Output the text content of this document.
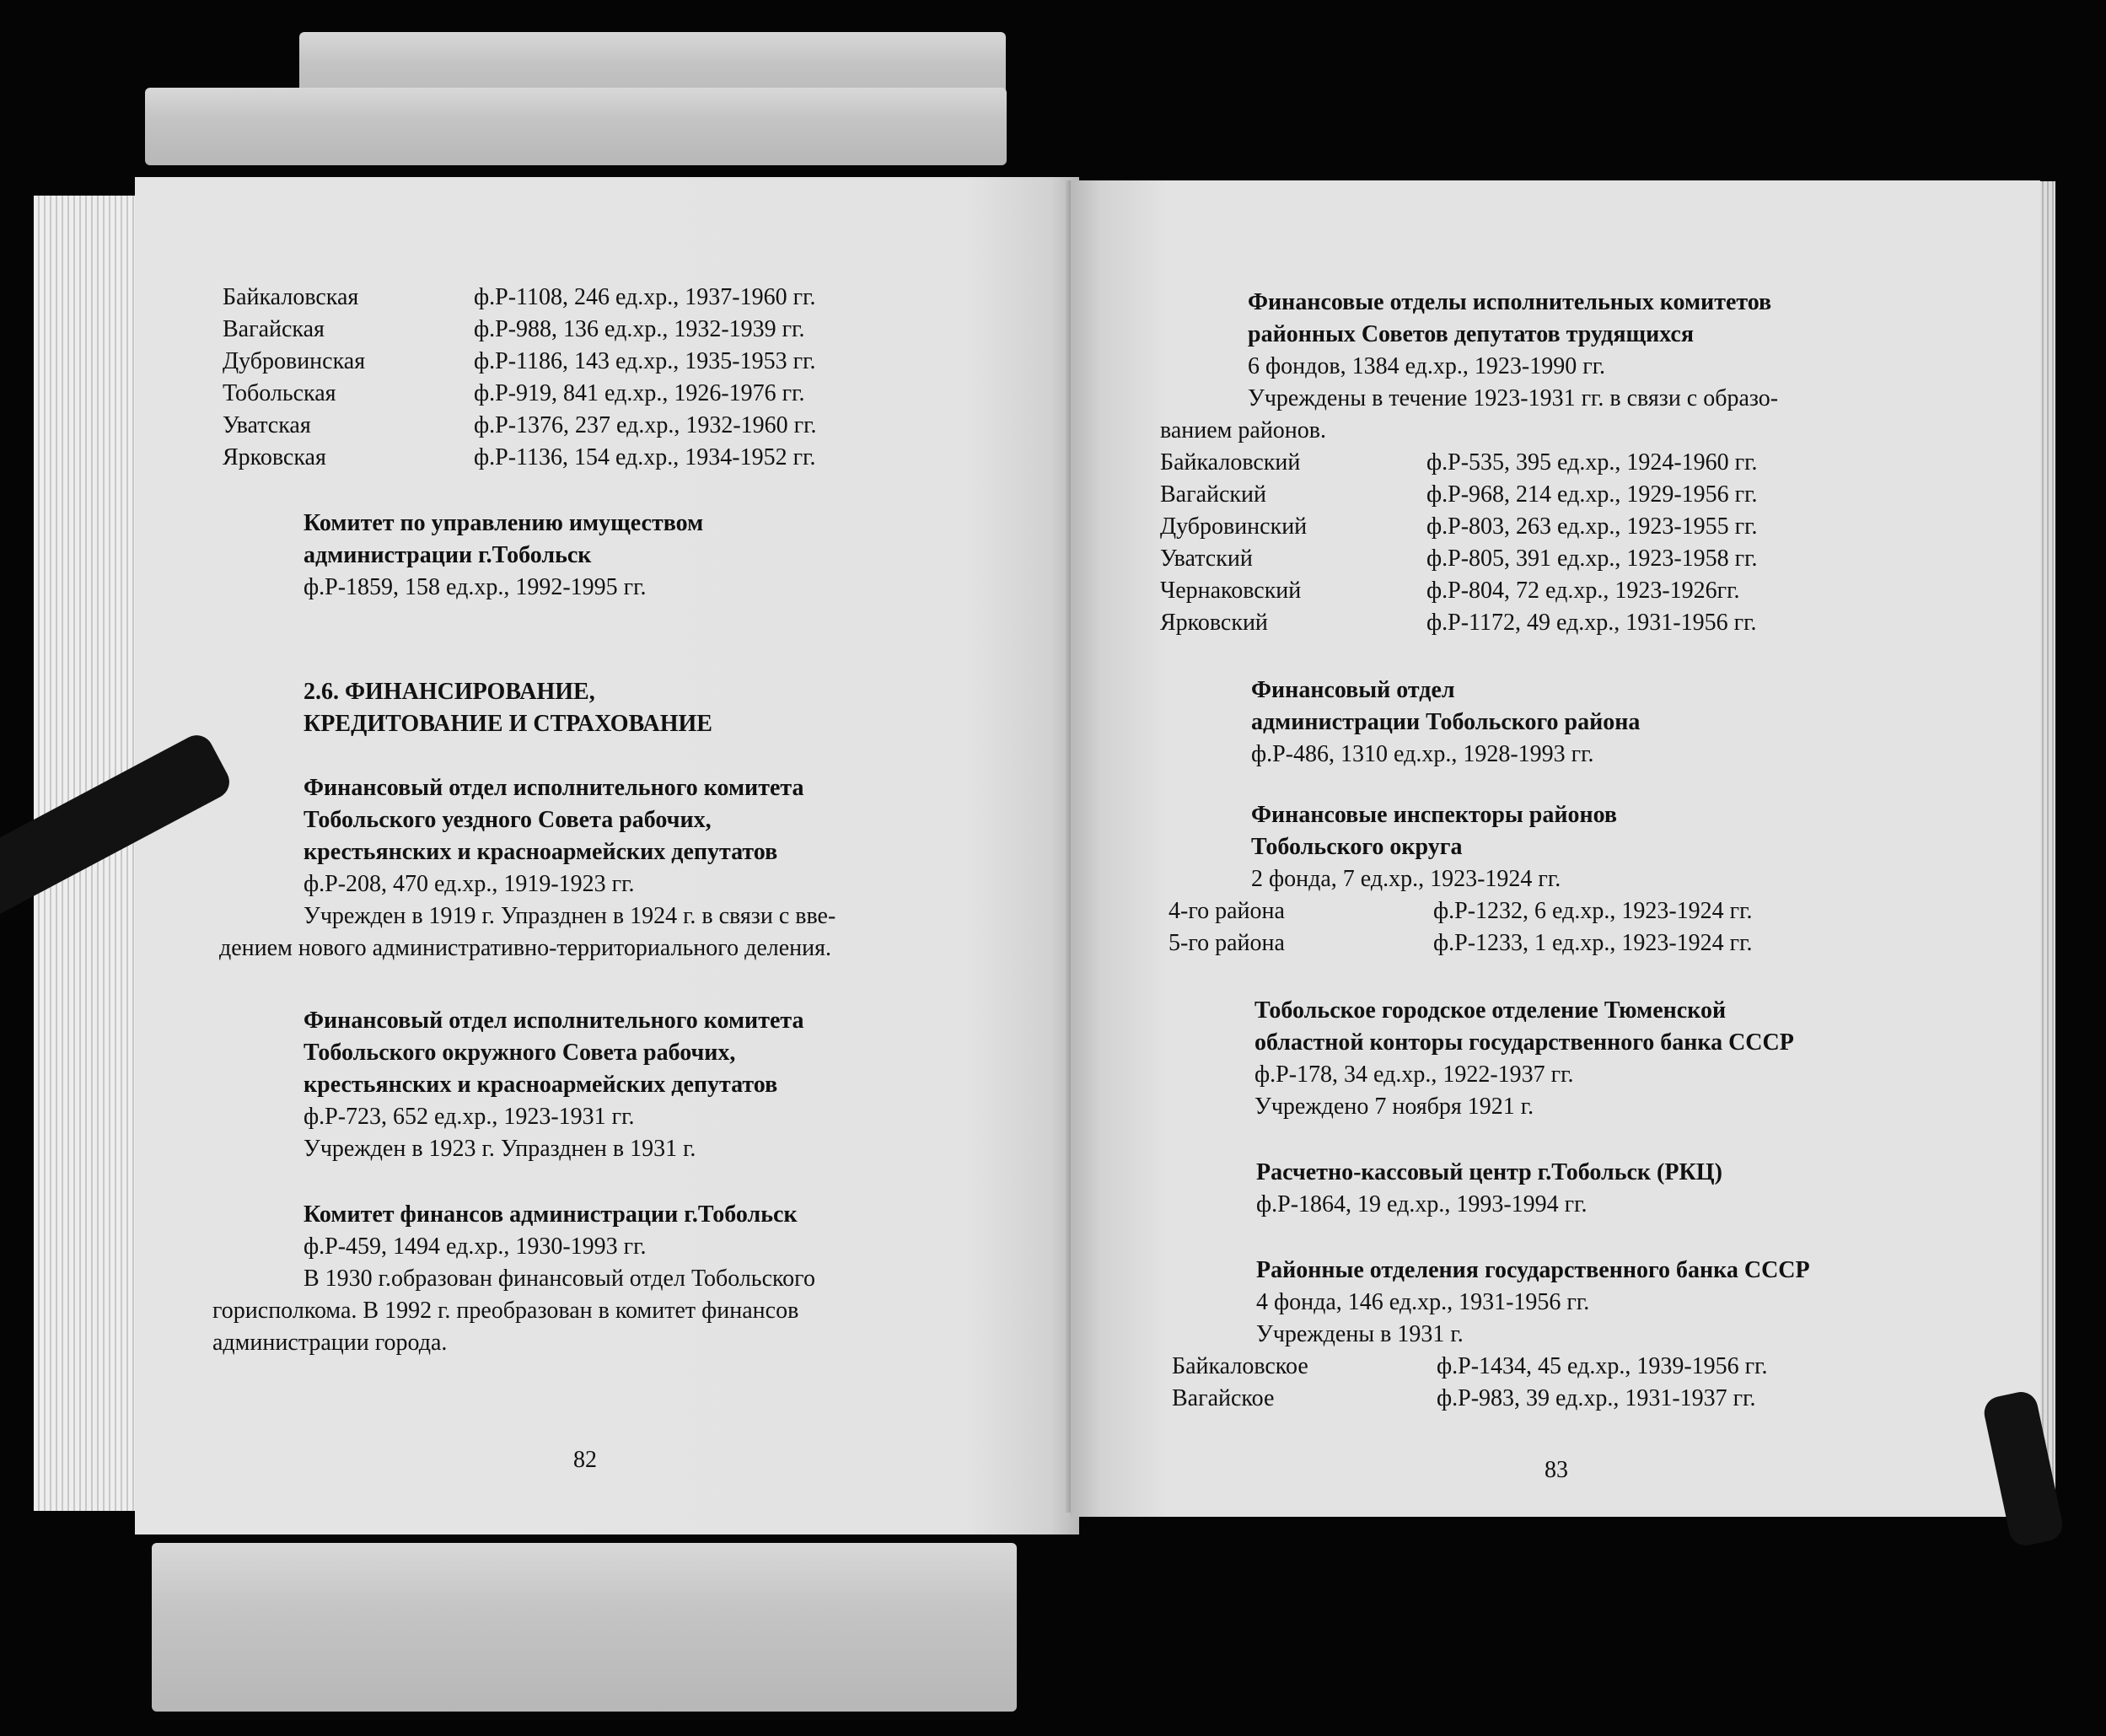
Байкаловская	ф.Р-1108, 246 ед.хр., 1937-1960 гг.
Вагайская	ф.Р-988, 136 ед.хр., 1932-1939 гг.
Дубровинская	ф.Р-1186, 143 ед.хр., 1935-1953 гг.
Тобольская	ф.Р-919, 841 ед.хр., 1926-1976 гг.
Уватская	ф.Р-1376, 237 ед.хр., 1932-1960 гг.
Ярковская	ф.Р-1136, 154 ед.хр., 1934-1952 гг.
Комитет по управлению имуществом
администрации г.Тобольск
ф.Р-1859, 158 ед.хр., 1992-1995 гг.
2.6. ФИНАНСИРОВАНИЕ,
КРЕДИТОВАНИЕ И СТРАХОВАНИЕ
Финансовый отдел исполнительного комитета
Тобольского уездного Совета рабочих,
крестьянских и красноармейских депутатов
ф.Р-208, 470 ед.хр., 1919-1923 гг.
Учрежден в 1919 г. Упразднен в 1924 г. в связи с вве-
дением нового административно-территориального деления.
Финансовый отдел исполнительного комитета
Тобольского окружного Совета рабочих,
крестьянских и красноармейских депутатов
ф.Р-723, 652 ед.хр., 1923-1931 гг.
Учрежден в 1923 г. Упразднен в 1931 г.
Комитет финансов администрации г.Тобольск
ф.Р-459, 1494 ед.хр., 1930-1993 гг.
В 1930 г.образован финансовый отдел Тобольского
горисполкома. В 1992 г. преобразован в комитет финансов
администрации города.
82
Финансовые отделы исполнительных комитетов
районных Советов депутатов трудящихся
6 фондов, 1384 ед.хр., 1923-1990 гг.
Учреждены в течение 1923-1931 гг. в связи с образо-
ванием районов.
Байкаловский	ф.Р-535, 395 ед.хр., 1924-1960 гг.
Вагайский	ф.Р-968, 214 ед.хр., 1929-1956 гг.
Дубровинский	ф.Р-803, 263 ед.хр., 1923-1955 гг.
Уватский	ф.Р-805, 391 ед.хр., 1923-1958 гг.
Чернаковский	ф.Р-804, 72 ед.хр., 1923-1926гг.
Ярковский	ф.Р-1172, 49 ед.хр., 1931-1956 гг.
Финансовый отдел
администрации Тобольского района
ф.Р-486, 1310 ед.хр., 1928-1993 гг.
Финансовые инспекторы районов
Тобольского округа
2 фонда, 7 ед.хр., 1923-1924 гг.
4-го района	ф.Р-1232, 6 ед.хр., 1923-1924 гг.
5-го района	ф.Р-1233, 1 ед.хр., 1923-1924 гг.
Тобольское городское отделение Тюменской
областной конторы государственного банка СССР
ф.Р-178, 34 ед.хр., 1922-1937 гг.
Учреждено 7 ноября 1921 г.
Расчетно-кассовый центр г.Тобольск (РКЦ)
ф.Р-1864, 19 ед.хр., 1993-1994 гг.
Районные отделения государственного банка СССР
4 фонда, 146 ед.хр., 1931-1956 гг.
Учреждены в 1931 г.
Байкаловское	ф.Р-1434, 45 ед.хр., 1939-1956 гг.
Вагайское	ф.Р-983, 39 ед.хр., 1931-1937 гг.
83
